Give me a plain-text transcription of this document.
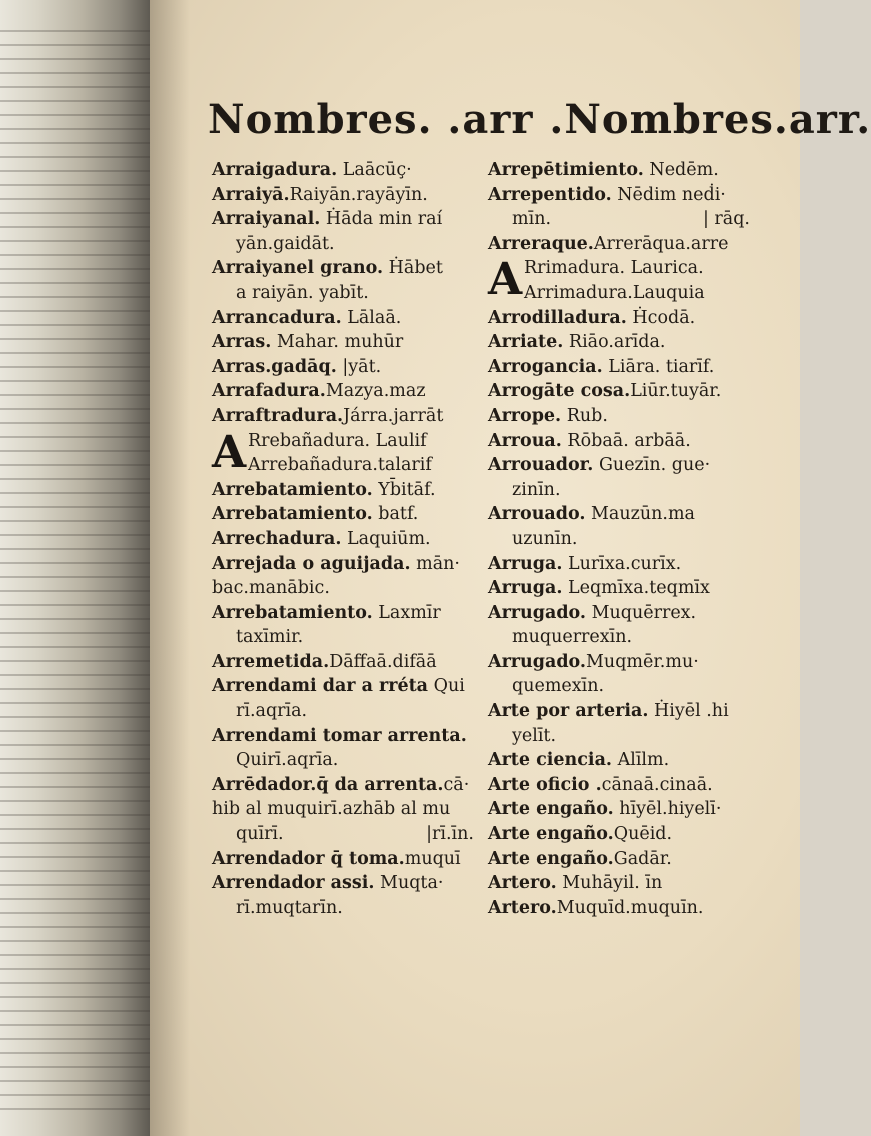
Nombres. .arr .Nombres.arr.

Arraigadura. Laācūç·

Arraiyā.Raiyān.rayāyīn.

Arraiyanal. Ḣāda min raí

yān.gaidāt.

Arraiyanel grano. Ḣābet

a raiyān. yabīt.

Arrancadura. Lālaā.

Arras. Mahar. muhūr

Arras.gadāq. |yāt.

Arrafadura.Mazya.maz

Arraftradura.Járra.jarrāt

A Rrebañadura. Laulif

Arrebañadura.talarif

Arrebatamiento. Yb̄itāf.

Arrebatamiento. batf.

Arrechadura. Laquiūm.

Arrejada o aguijada. mān·

bac.manābic.

Arrebatamiento. Laxmīr

taxīmir.

Arremetida.Dāffaā.difāā

Arrendami dar a rréta Qui

rī.aqrīa.

Arrendami tomar arrenta.

Quirī.aqrīa.

Arrēdador.q̄ da arrenta.cā·

hib al muquirī.azhāb al mu

quīrī.	|rī.īn.

Arrendador q̄ toma.muquī

Arrendador assi. Muqta·

rī.muqtarīn.

Arrepētimiento. Nedēm.

Arrepentido. Nēdim neḋi·

mīn.	| rāq.

Arreraque.Arrerāqua.arre

A Rrimadura. Laurica.

Arrimadura.Lauquia

Arrodilladura. Ḣcodā.

Arriate. Riāo.arīda.

Arrogancia. Liāra. tiarīf.

Arrogāte cosa.Liūr.tuyār.

Arrope. Rub.

Arroua. Rōbaā. arbāā.

Arrouador. Guezīn. gue·

zinīn.

Arrouado. Mauzūn.ma

uzunīn.

Arruga. Lurīxa.curīx.

Arruga. Leqmīxa.teqmīx

Arrugado. Muquērrex.

muquerrexīn.

Arrugado.Muqmēr.mu·

quemexīn.

Arte por arteria. Ḣiyēl .hi

yelīt.

Arte ciencia. Alīlm.

Arte oficio .cānaā.cinaā.

Arte engaño. hīyēl.hiyelī·

Arte engaño.Quēid.

Arte engaño.Gadār.

Artero. Muhāyil. īn

Artero.Muquīd.muquīn.
